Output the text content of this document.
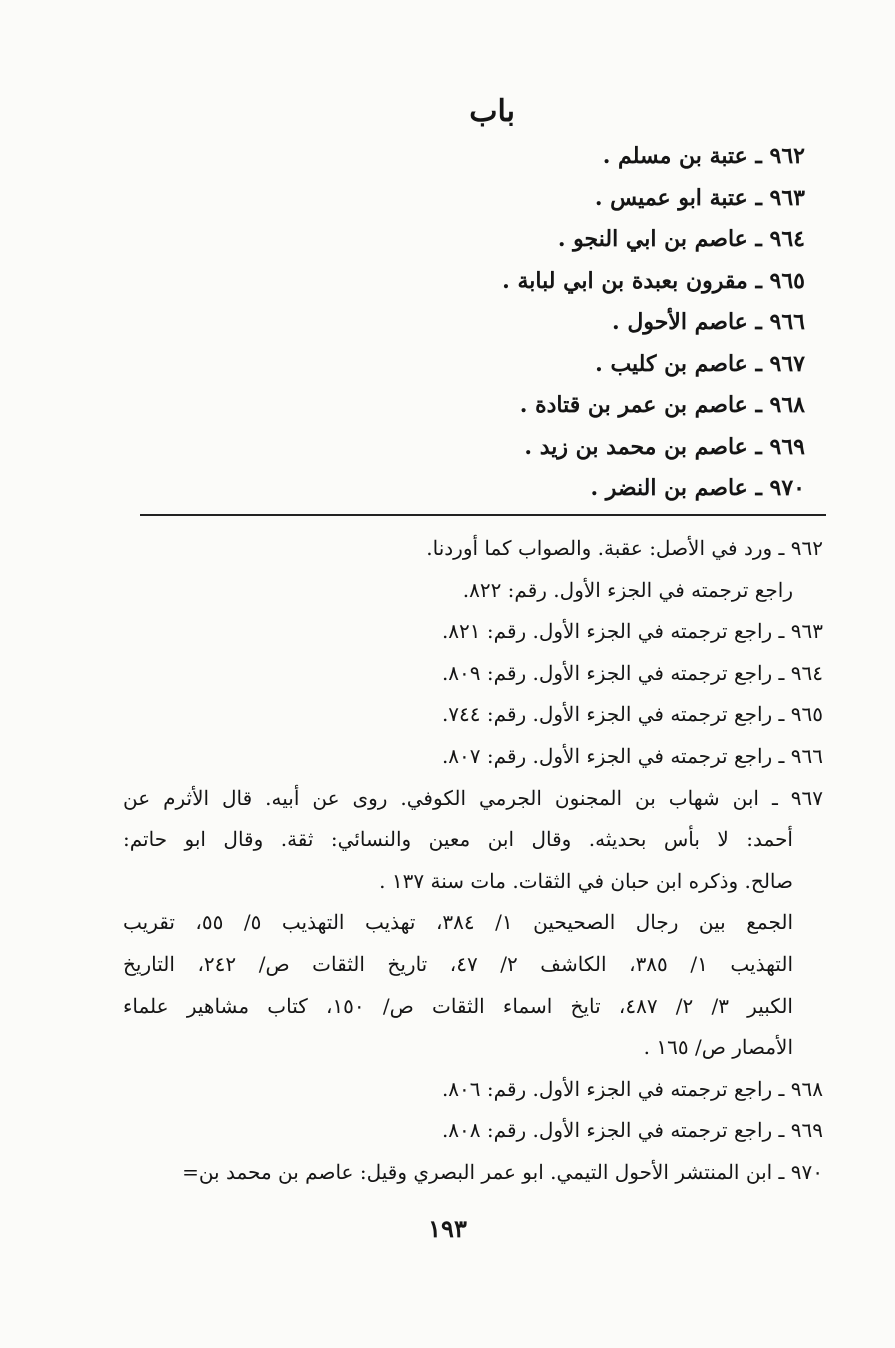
باب
٩٦٢ ـ عتبة بن مسلم .
٩٦٣ ـ عتبة ابو عميس .
٩٦٤ ـ عاصم بن ابي النجو .
٩٦٥ ـ مقرون بعبدة بن ابي لبابة .
٩٦٦ ـ عاصم الأحول .
٩٦٧ ـ عاصم بن كليب .
٩٦٨ ـ عاصم بن عمر بن قتادة .
٩٦٩ ـ عاصم بن محمد بن زيد .
٩٧٠ ـ عاصم بن النضر .
٩٦٢ ـ ورد في الأصل: عقبة. والصواب كما أوردنا.
راجع ترجمته في الجزء الأول. رقم: ٨٢٢.
٩٦٣ ـ راجع ترجمته في الجزء الأول. رقم: ٨٢١.
٩٦٤ ـ راجع ترجمته في الجزء الأول. رقم: ٨٠٩.
٩٦٥ ـ راجع ترجمته في الجزء الأول. رقم: ٧٤٤.
٩٦٦ ـ راجع ترجمته في الجزء الأول. رقم: ٨٠٧.
٩٦٧ ـ ابن شهاب بن المجنون الجرمي الكوفي. روى عن أبيه. قال الأثرم عن
أحمد: لا بأس بحديثه. وقال ابن معين والنسائي: ثقة. وقال ابو حاتم:
صالح. وذكره ابن حبان في الثقات. مات سنة ١٣٧ .
الجمع بين رجال الصحيحين ١/ ٣٨٤، تهذيب التهذيب ٥/ ٥٥، تقريب
التهذيب ١/ ٣٨٥، الكاشف ٢/ ٤٧، تاريخ الثقات ص/ ٢٤٢، التاريخ
الكبير ٣/ ٢/ ٤٨٧، تايخ اسماء الثقات ص/ ١٥٠، كتاب مشاهير علماء
الأمصار ص/ ١٦٥ .
٩٦٨ ـ راجع ترجمته في الجزء الأول. رقم: ٨٠٦.
٩٦٩ ـ راجع ترجمته في الجزء الأول. رقم: ٨٠٨.
٩٧٠ ـ ابن المنتشر الأحول التيمي. ابو عمر البصري وقيل: عاصم بن محمد بن=
١٩٣
